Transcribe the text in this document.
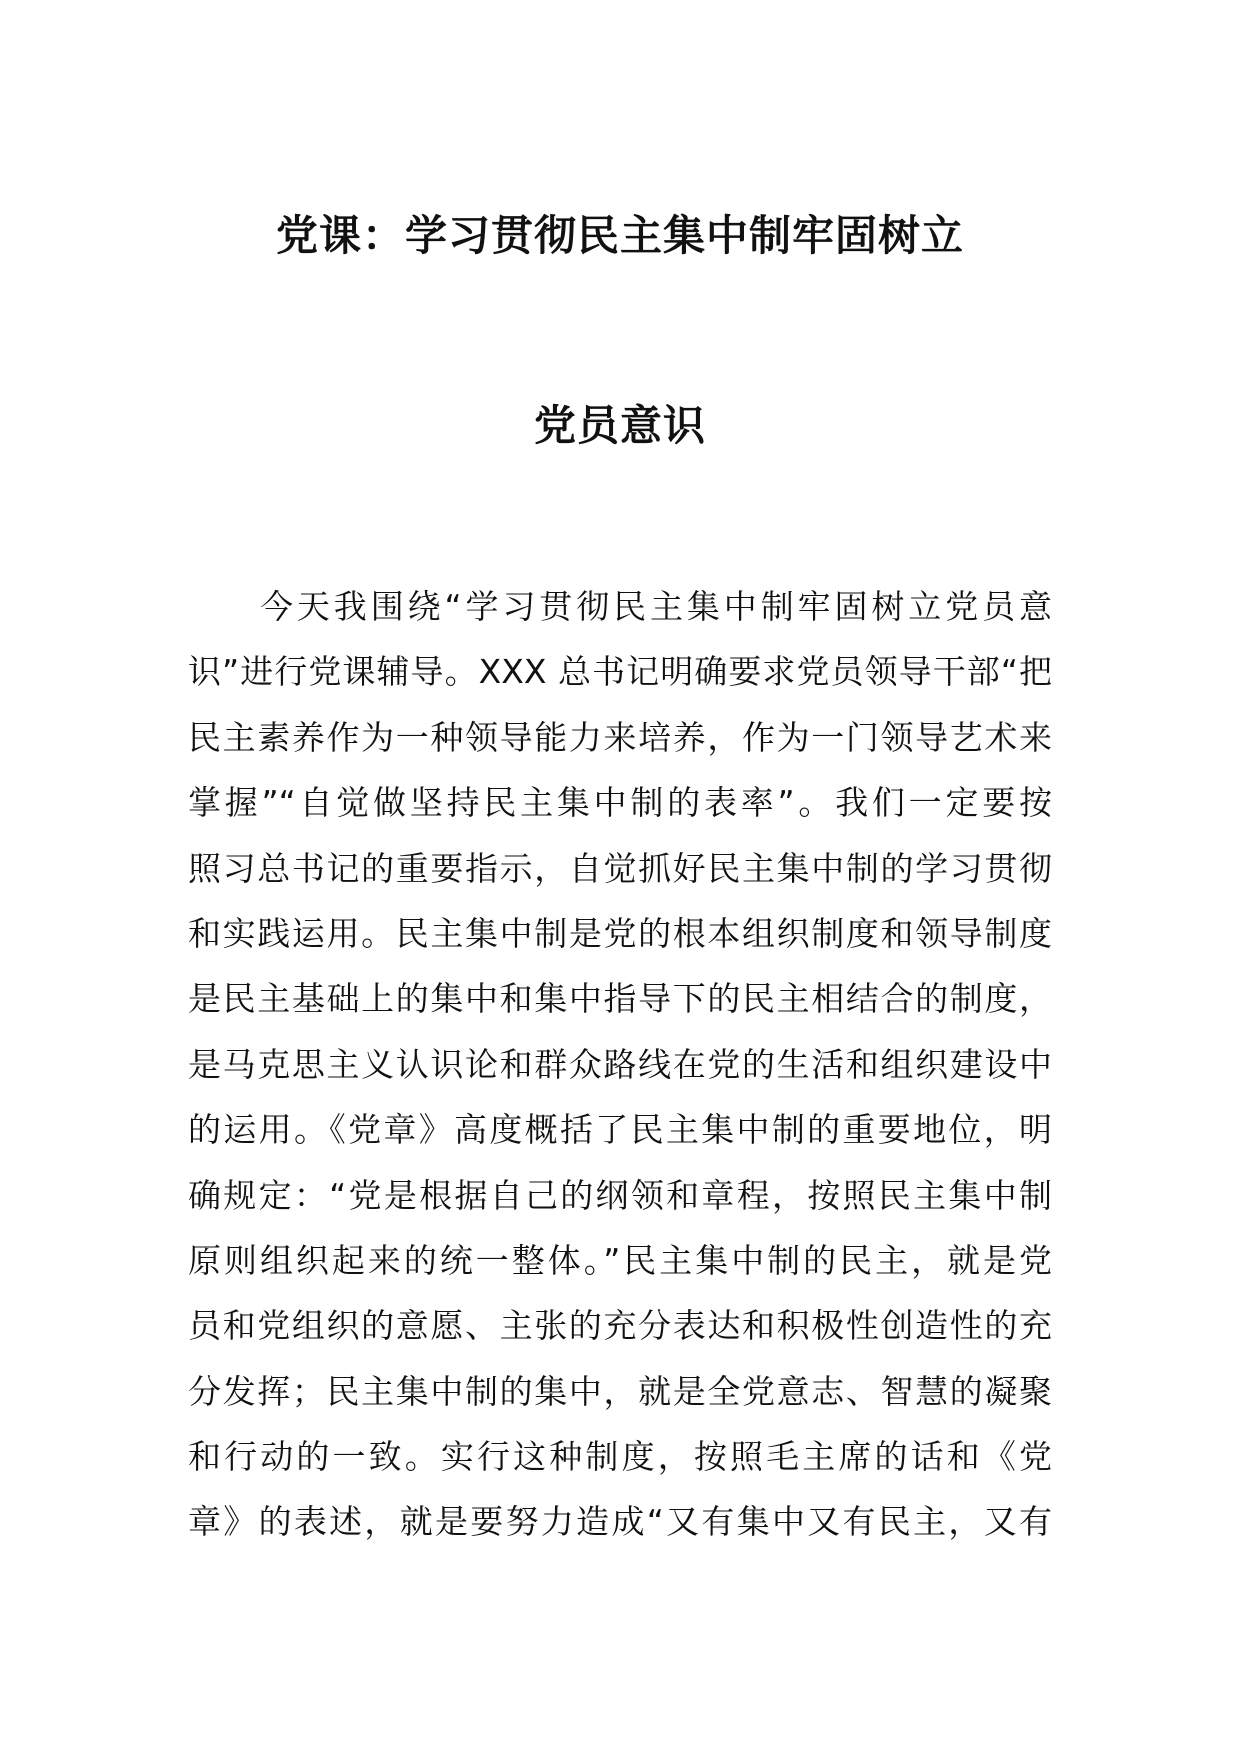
党课：学习贯彻民主集中制牢固树立
党员意识

今天我围绕“学习贯彻民主集中制牢固树立党员意

识”进行党课辅导。XXX 总书记明确要求党员领导干部“把

民主素养作为一种领导能力来培养，作为一门领导艺术来

掌握”“自觉做坚持民主集中制的表率”。我们一定要按

照习总书记的重要指示，自觉抓好民主集中制的学习贯彻

和实践运用。民主集中制是党的根本组织制度和领导制度

是民主基础上的集中和集中指导下的民主相结合的制度，

是马克思主义认识论和群众路线在党的生活和组织建设中

的运用。《党章》高度概括了民主集中制的重要地位，明

确规定：“党是根据自己的纲领和章程，按照民主集中制

原则组织起来的统一整体。”民主集中制的民主，就是党

员和党组织的意愿、主张的充分表达和积极性创造性的充

分发挥；民主集中制的集中，就是全党意志、智慧的凝聚

和行动的一致。实行这种制度，按照毛主席的话和《党

章》的表述，就是要努力造成“又有集中又有民主，又有
